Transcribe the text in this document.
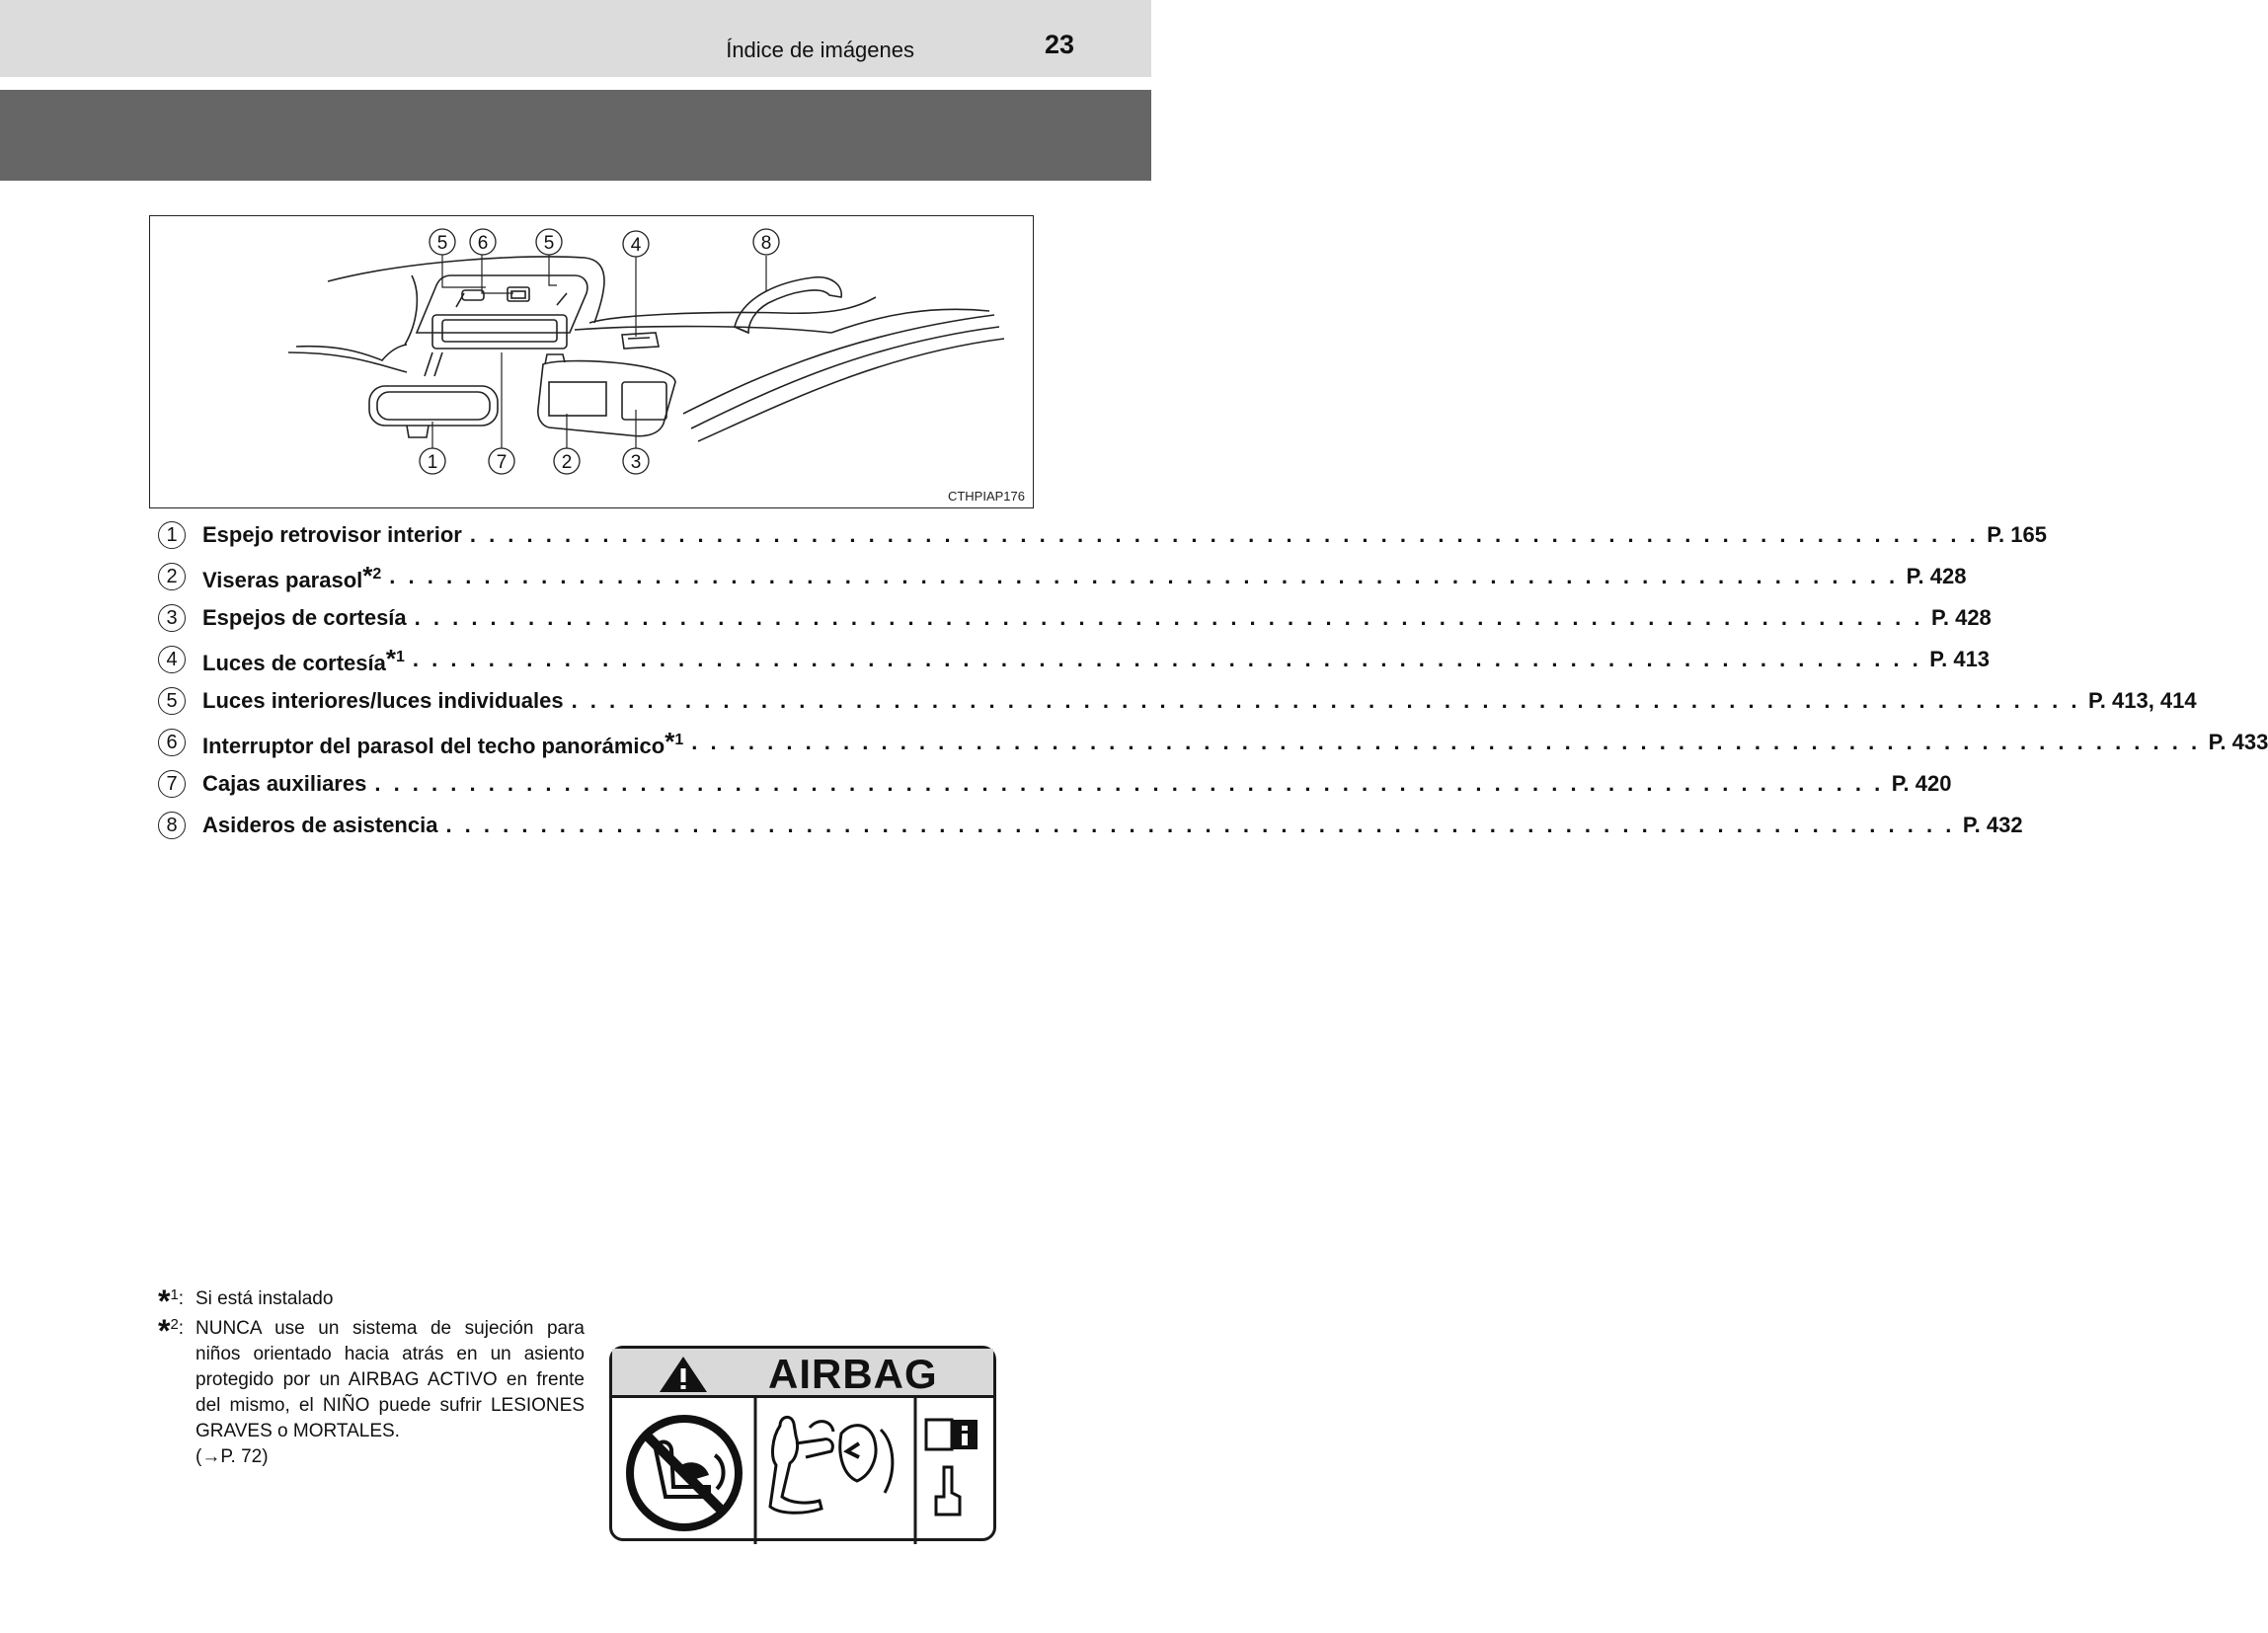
Índice de imágenes	23
5 6	5	4	8
1	7	2	3
CTHPIAP176
1	Espejo retrovisor interior . . . . . . . . . . . . . . . . . . . . . . . . . . . . . . . . . . . . . . . . . . . . . . . . . . . . . . . . . . . . . . . . . . . . . . . . . . . . . . . . P. 165
2	Viseras parasol$^{*2}$ . . . . . . . . . . . . . . . . . . . . . . . . . . . . . . . . . . . . . . . . . . . . . . . . . . . . . . . . . . . . . . . . . . . . . . . . . . . . . . . . P. 428
3	Espejos de cortesía . . . . . . . . . . . . . . . . . . . . . . . . . . . . . . . . . . . . . . . . . . . . . . . . . . . . . . . . . . . . . . . . . . . . . . . . . . . . . . . . P. 428
4	Luces de cortesía$^{*1}$ . . . . . . . . . . . . . . . . . . . . . . . . . . . . . . . . . . . . . . . . . . . . . . . . . . . . . . . . . . . . . . . . . . . . . . . . . . . . . . . . P. 413
5	Luces interiores/luces individuales . . . . . . . . . . . . . . . . . . . . . . . . . . . . . . . . . . . . . . . . . . . . . . . . . . . . . . . . . . . . . . . . . . . . . . . . . . . . . . . . P. 413, 414
6	Interruptor del parasol del techo panorámico$^{*1}$ . . . . . . . . . . . . . . . . . . . . . . . . . . . . . . . . . . . . . . . . . . . . . . . . . . . . . . . . . . . . . . . . . . . . . . . . . . . . . . . . P. 433
7	Cajas auxiliares . . . . . . . . . . . . . . . . . . . . . . . . . . . . . . . . . . . . . . . . . . . . . . . . . . . . . . . . . . . . . . . . . . . . . . . . . . . . . . . . P. 420
8	Asideros de asistencia . . . . . . . . . . . . . . . . . . . . . . . . . . . . . . . . . . . . . . . . . . . . . . . . . . . . . . . . . . . . . . . . . . . . . . . . . . . . . . . . P. 432
*$^1$: Si está instalado
*$^2$: NUNCA use un sistema de sujeción para niños orientado hacia atrás en un asiento protegido por un AIRBAG ACTIVO en frente del mismo, el NIÑO puede sufrir LESIONES GRAVES o MORTALES.
(→P. 72)
AIRBAG
